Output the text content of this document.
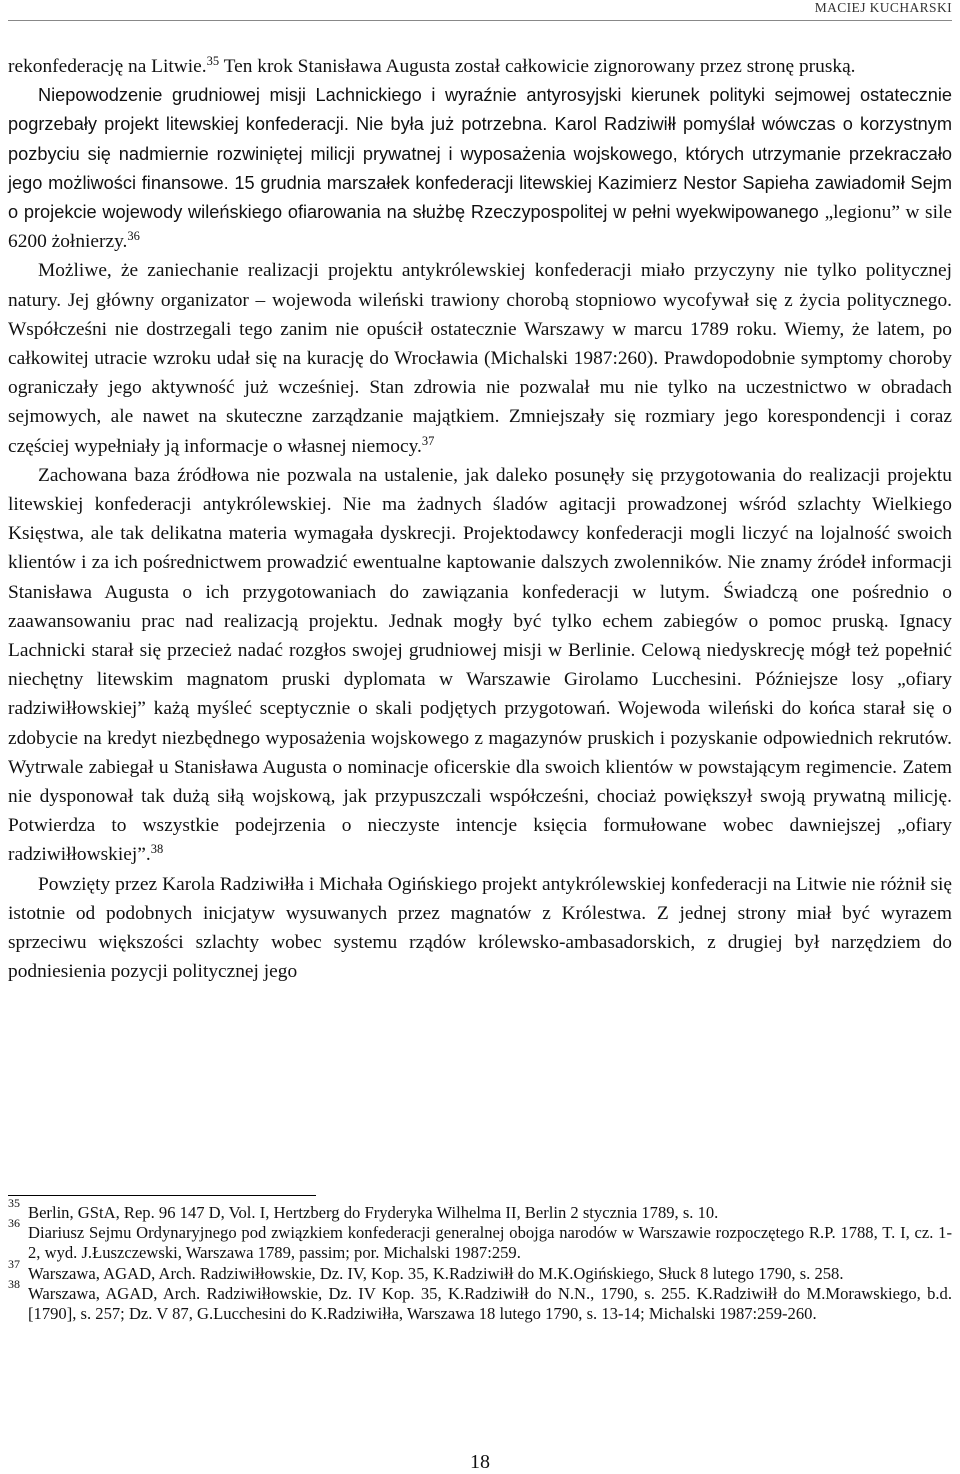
MACIEJ KUCHARSKI

rekonfederację na Litwie.$^{35}$ Ten krok Stanisława Augusta został całkowicie zignorowany przez stronę pruską.

Niepowodzenie grudniowej misji Lachnickiego i wyraźnie antyrosyjski kierunek polityki sejmowej ostatecznie pogrzebały projekt litewskiej konfederacji. Nie była już potrzebna. Karol Radziwiłł pomyślał wówczas o korzystnym pozbyciu się nadmiernie rozwiniętej milicji prywatnej i wyposażenia wojskowego, których utrzymanie przekraczało jego możliwości finansowe. 15 grudnia marszałek konfederacji litewskiej Kazimierz Nestor Sapieha zawiadomił Sejm o projekcie wojewody wileńskiego ofiarowania na służbę Rzeczypospolitej w pełni wyekwipowanego „legionu” w sile 6200 żołnierzy.$^{36}$

Możliwe, że zaniechanie realizacji projektu antykrólewskiej konfederacji miało przyczyny nie tylko politycznej natury. Jej główny organizator – wojewoda wileński trawiony chorobą stopniowo wycofywał się z życia politycznego. Współcześni nie dostrzegali tego zanim nie opuścił ostatecznie Warszawy w marcu 1789 roku. Wiemy, że latem, po całkowitej utracie wzroku udał się na kurację do Wrocławia (Michalski 1987:260). Prawdopodobnie symptomy choroby ograniczały jego aktywność już wcześniej. Stan zdrowia nie pozwalał mu nie tylko na uczestnictwo w obradach sejmowych, ale nawet na skuteczne zarządzanie majątkiem. Zmniejszały się rozmiary jego korespondencji i coraz częściej wypełniały ją informacje o własnej niemocy.$^{37}$

Zachowana baza źródłowa nie pozwala na ustalenie, jak daleko posunęły się przygotowania do realizacji projektu litewskiej konfederacji antykrólewskiej. Nie ma żadnych śladów agitacji prowadzonej wśród szlachty Wielkiego Księstwa, ale tak delikatna materia wymagała dyskrecji. Projektodawcy konfederacji mogli liczyć na lojalność swoich klientów i za ich pośrednictwem prowadzić ewentualne kaptowanie dalszych zwolenników. Nie znamy źródeł informacji Stanisława Augusta o ich przygotowaniach do zawiązania konfederacji w lutym. Świadczą one pośrednio o zaawansowaniu prac nad realizacją projektu. Jednak mogły być tylko echem zabiegów o pomoc pruską. Ignacy Lachnicki starał się przecież nadać rozgłos swojej grudniowej misji w Berlinie. Celową niedyskrecję mógł też popełnić niechętny litewskim magnatom pruski dyplomata w Warszawie Girolamo Lucchesini. Późniejsze losy „ofiary radziwiłłowskiej” każą myśleć sceptycznie o skali podjętych przygotowań. Wojewoda wileński do końca starał się o zdobycie na kredyt niezbędnego wyposażenia wojskowego z magazynów pruskich i pozyskanie odpowiednich rekrutów. Wytrwale zabiegał u Stanisława Augusta o nominacje oficerskie dla swoich klientów w powstającym regimencie. Zatem nie dysponował tak dużą siłą wojskową, jak przypuszczali współcześni, chociaż powiększył swoją prywatną milicję. Potwierdza to wszystkie podejrzenia o nieczyste intencje księcia formułowane wobec dawniejszej „ofiary radziwiłłowskiej”.$^{38}$

Powzięty przez Karola Radziwiłła i Michała Ogińskiego projekt antykrólewskiej konfederacji na Litwie nie różnił się istotnie od podobnych inicjatyw wysuwanych przez magnatów z Królestwa. Z jednej strony miał być wyrazem sprzeciwu większości szlachty wobec systemu rządów królewsko-ambasadorskich, z drugiej był narzędziem do podniesienia pozycji politycznej jego

35 Berlin, GStA, Rep. 96 147 D, Vol. I, Hertzberg do Fryderyka Wilhelma II, Berlin 2 stycznia 1789, s. 10.
36 Diariusz Sejmu Ordynaryjnego pod związkiem konfederacji generalnej obojga narodów w Warszawie rozpoczętego R.P. 1788, T. I, cz. 1-2, wyd. J.Łuszczewski, Warszawa 1789, passim; por. Michalski 1987:259.
37 Warszawa, AGAD, Arch. Radziwiłłowskie, Dz. IV, Kop. 35, K.Radziwiłł do M.K.Ogińskiego, Słuck 8 lutego 1790, s. 258.
38 Warszawa, AGAD, Arch. Radziwiłłowskie, Dz. IV Kop. 35, K.Radziwiłł do N.N., 1790, s. 255. K.Radziwiłł do M.Morawskiego, b.d. [1790], s. 257; Dz. V 87, G.Lucchesini do K.Radziwiłła, Warszawa 18 lutego 1790, s. 13-14; Michalski 1987:259-260.
18
